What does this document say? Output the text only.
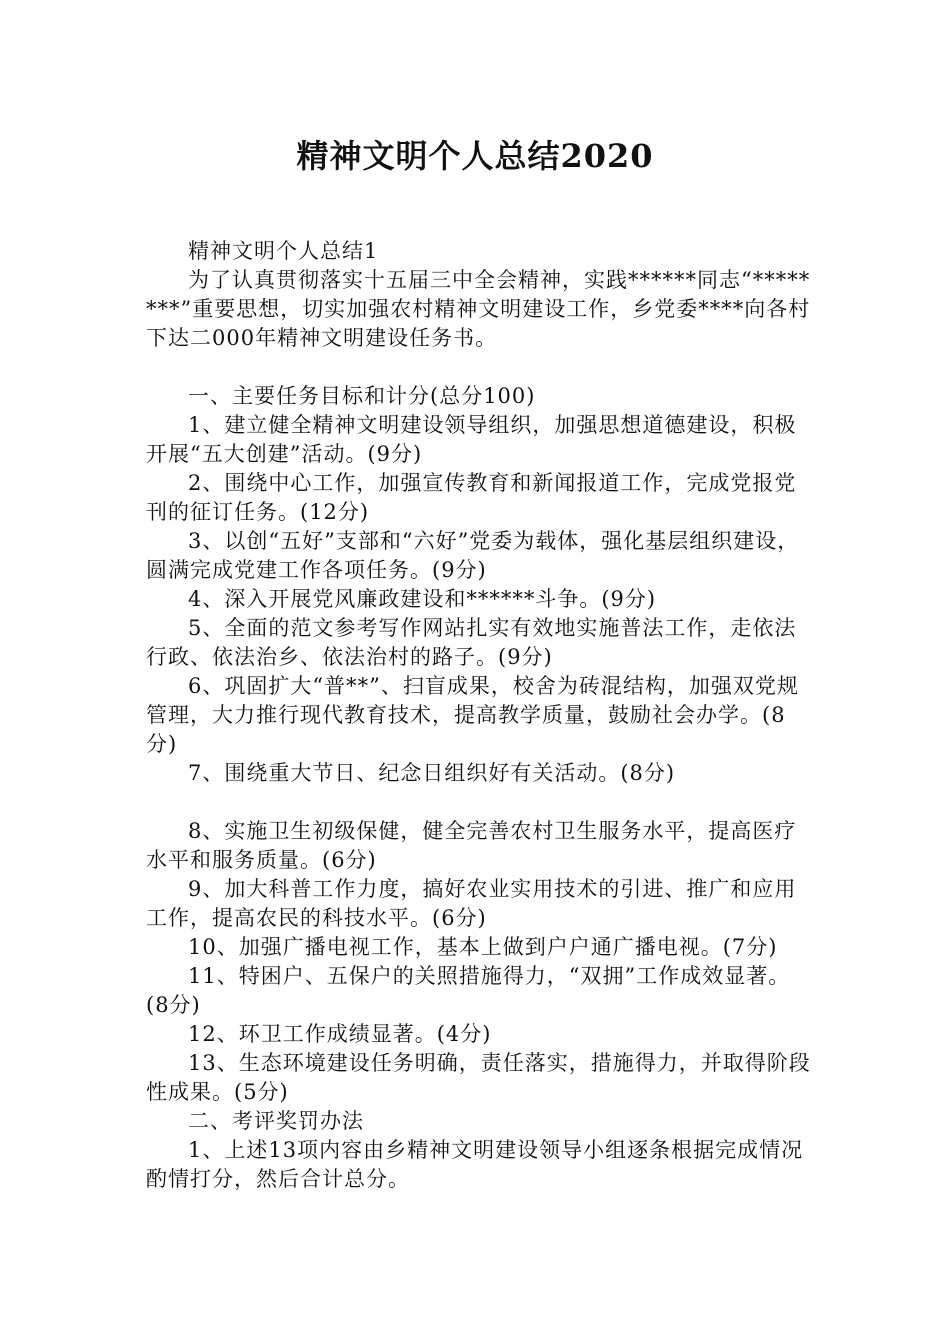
精神文明个人总结2020

精神文明个人总结1

为了认真贯彻落实十五届三中全会精神，实践******同志“********”重要思想，切实加强农村精神文明建设工作，乡党委****向各村下达二000年精神文明建设任务书。

一、主要任务目标和计分(总分100)

1、建立健全精神文明建设领导组织，加强思想道德建设，积极开展“五大创建”活动。(9分)

2、围绕中心工作，加强宣传教育和新闻报道工作，完成党报党刊的征订任务。(12分)

3、以创“五好”支部和“六好”党委为载体，强化基层组织建设，圆满完成党建工作各项任务。(9分)

4、深入开展党风廉政建设和******斗争。(9分)

5、全面的范文参考写作网站扎实有效地实施普法工作，走依法行政、依法治乡、依法治村的路子。(9分)

6、巩固扩大“普**”、扫盲成果，校舍为砖混结构，加强双党规管理，大力推行现代教育技术，提高教学质量，鼓励社会办学。(8分)

7、围绕重大节日、纪念日组织好有关活动。(8分)

8、实施卫生初级保健，健全完善农村卫生服务水平，提高医疗水平和服务质量。(6分)

9、加大科普工作力度，搞好农业实用技术的引进、推广和应用工作，提高农民的科技水平。(6分)

10、加强广播电视工作，基本上做到户户通广播电视。(7分)

11、特困户、五保户的关照措施得力，“双拥”工作成效显著。(8分)

12、环卫工作成绩显著。(4分)

13、生态环境建设任务明确，责任落实，措施得力，并取得阶段性成果。(5分)

二、考评奖罚办法

1、上述13项内容由乡精神文明建设领导小组逐条根据完成情况酌情打分，然后合计总分。
